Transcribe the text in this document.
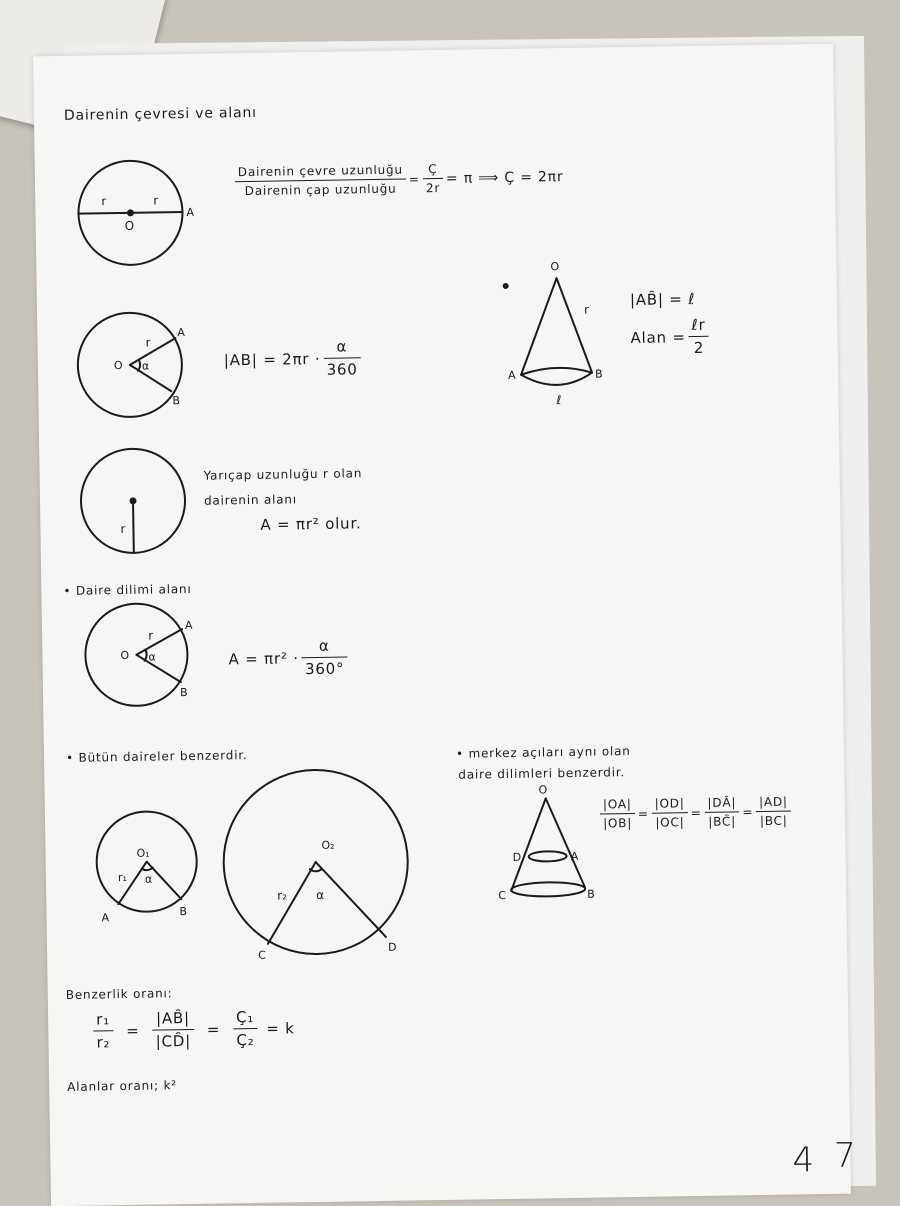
r	r
O
A
O
r
α
A
B
r
O
r
α
A
B
O
r
A	B
ℓ
O₁
r₁ α
A	B
O₂
r₂ α
C
D
O
D	A
C	B
Dairenin çevresi ve alanı
$\frac{\text{Dairenin çevre uzunluğu}}{\text{Dairenin çap uzunluğu}} = \frac{Ç}{2r} = \pi$ ⟹ Ç = 2πr
$|AB| = 2\pi r \cdot \frac{\alpha}{360}$
|AB̑| = ℓ
Alan = $\frac{\text{ℓr}}{2}$
Yarıçap uzunluğu r olan
dairenin alanı
A = πr² olur.
• Daire dilimi alanı
$A = \pi r^2 \cdot \frac{\alpha}{360^\circ}$
• Bütün daireler benzerdir.	• merkez açıları aynı olan
daire dilimleri benzerdir.
$\frac{|OA|}{|OB|} = \frac{|OD|}{|OC|} = \frac{|DȂ|}{|BC̑|} = \frac{|AD|}{|BC|}$
Benzerlik oranı:
$\frac{\text{r₁}}{\text{r₂}} = \frac{|AB̑|}{|CD̑|} = \frac{\text{Ç₁}}{\text{Ç₂}} = k$
Alanlar oranı; k²
4 7
